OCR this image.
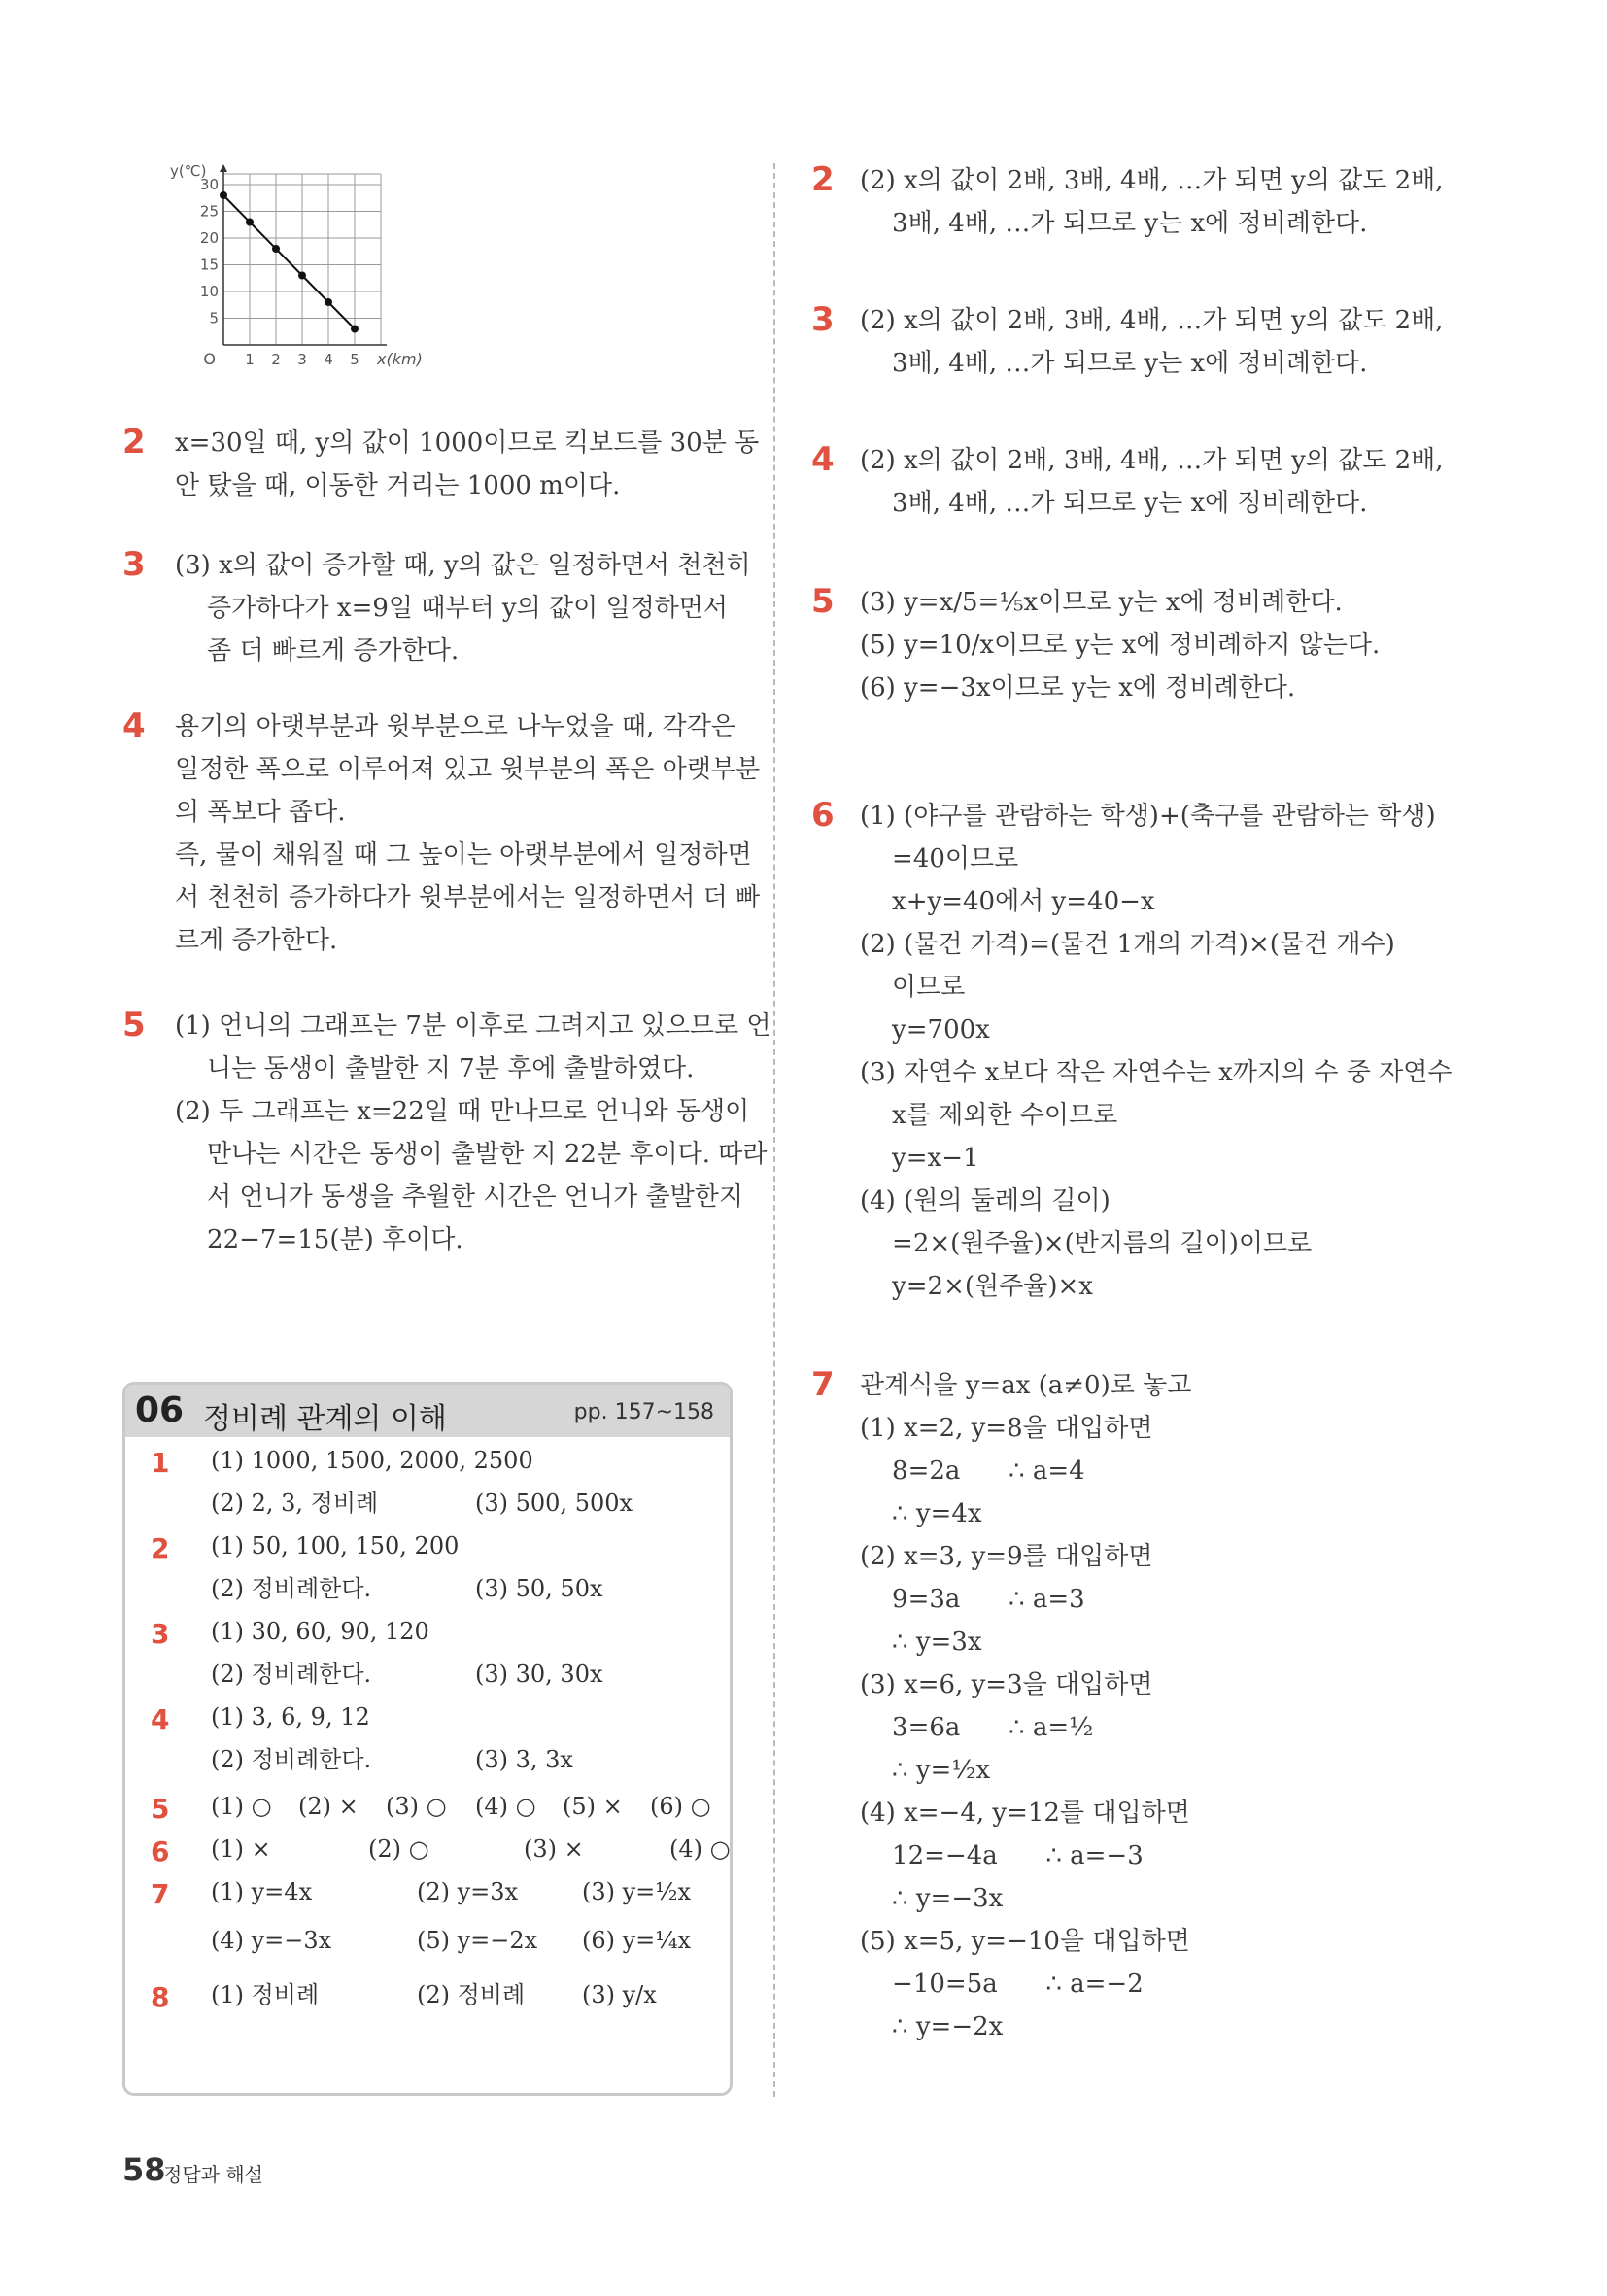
1 2 3 4 5
5
10
15
20
25
30
O	x(km)
y(℃)
2 x=30일 때, y의 값이 1000이므로 킥보드를 30분 동
안 탔을 때, 이동한 거리는 1000 m이다.
3 (3) x의 값이 증가할 때, y의 값은 일정하면서 천천히
증가하다가 x=9일 때부터 y의 값이 일정하면서
좀 더 빠르게 증가한다.
4 용기의 아랫부분과 윗부분으로 나누었을 때, 각각은
일정한 폭으로 이루어져 있고 윗부분의 폭은 아랫부분
의 폭보다 좁다.
즉, 물이 채워질 때 그 높이는 아랫부분에서 일정하면
서 천천히 증가하다가 윗부분에서는 일정하면서 더 빠
르게 증가한다.
5 (1) 언니의 그래프는 7분 이후로 그려지고 있으므로 언
니는 동생이 출발한 지 7분 후에 출발하였다.
(2) 두 그래프는 x=22일 때 만나므로 언니와 동생이
만나는 시간은 동생이 출발한 지 22분 후이다. 따라
서 언니가 동생을 추월한 시간은 언니가 출발한지
22−7=15(분) 후이다.
06 정비례 관계의 이해	pp. 157~158
1 (1) 1000, 1500, 2000, 2500
(2) 2, 3, 정비례	(3) 500, 500x
2 (1) 50, 100, 150, 200
(2) 정비례한다.	(3) 50, 50x
3 (1) 30, 60, 90, 120
(2) 정비례한다.	(3) 30, 30x
4 (1) 3, 6, 9, 12
(2) 정비례한다.	(3) 3, 3x
5 (1) ○ (2) × (3) ○ (4) ○ (5) × (6) ○
6 (1) ×	(2) ○	(3) ×	(4) ○
7 (1) y=4x	(2) y=3x	(3) y=½x
(4) y=−3x	(5) y=−2x (6) y=¼x
8 (1) 정비례	(2) 정비례 (3) y/x
2 (2) x의 값이 2배, 3배, 4배, …가 되면 y의 값도 2배,
3배, 4배, …가 되므로 y는 x에 정비례한다.
3 (2) x의 값이 2배, 3배, 4배, …가 되면 y의 값도 2배,
3배, 4배, …가 되므로 y는 x에 정비례한다.
4 (2) x의 값이 2배, 3배, 4배, …가 되면 y의 값도 2배,
3배, 4배, …가 되므로 y는 x에 정비례한다.
5 (3) y=x/5=⅕x이므로 y는 x에 정비례한다.
(5) y=10/x이므로 y는 x에 정비례하지 않는다.
(6) y=−3x이므로 y는 x에 정비례한다.
6 (1) (야구를 관람하는 학생)+(축구를 관람하는 학생)
=40이므로
x+y=40에서 y=40−x
(2) (물건 가격)=(물건 1개의 가격)×(물건 개수)
이므로
y=700x
(3) 자연수 x보다 작은 자연수는 x까지의 수 중 자연수
x를 제외한 수이므로
y=x−1
(4) (원의 둘레의 길이)
=2×(원주율)×(반지름의 길이)이므로
y=2×(원주율)×x
7 관계식을 y=ax (a≠0)로 놓고
(1) x=2, y=8을 대입하면
8=2a      ∴ a=4
∴ y=4x
(2) x=3, y=9를 대입하면
9=3a      ∴ a=3
∴ y=3x
(3) x=6, y=3을 대입하면
3=6a      ∴ a=½
∴ y=½x
(4) x=−4, y=12를 대입하면
12=−4a      ∴ a=−3
∴ y=−3x
(5) x=5, y=−10을 대입하면
−10=5a      ∴ a=−2
∴ y=−2x
58
정답과 해설
